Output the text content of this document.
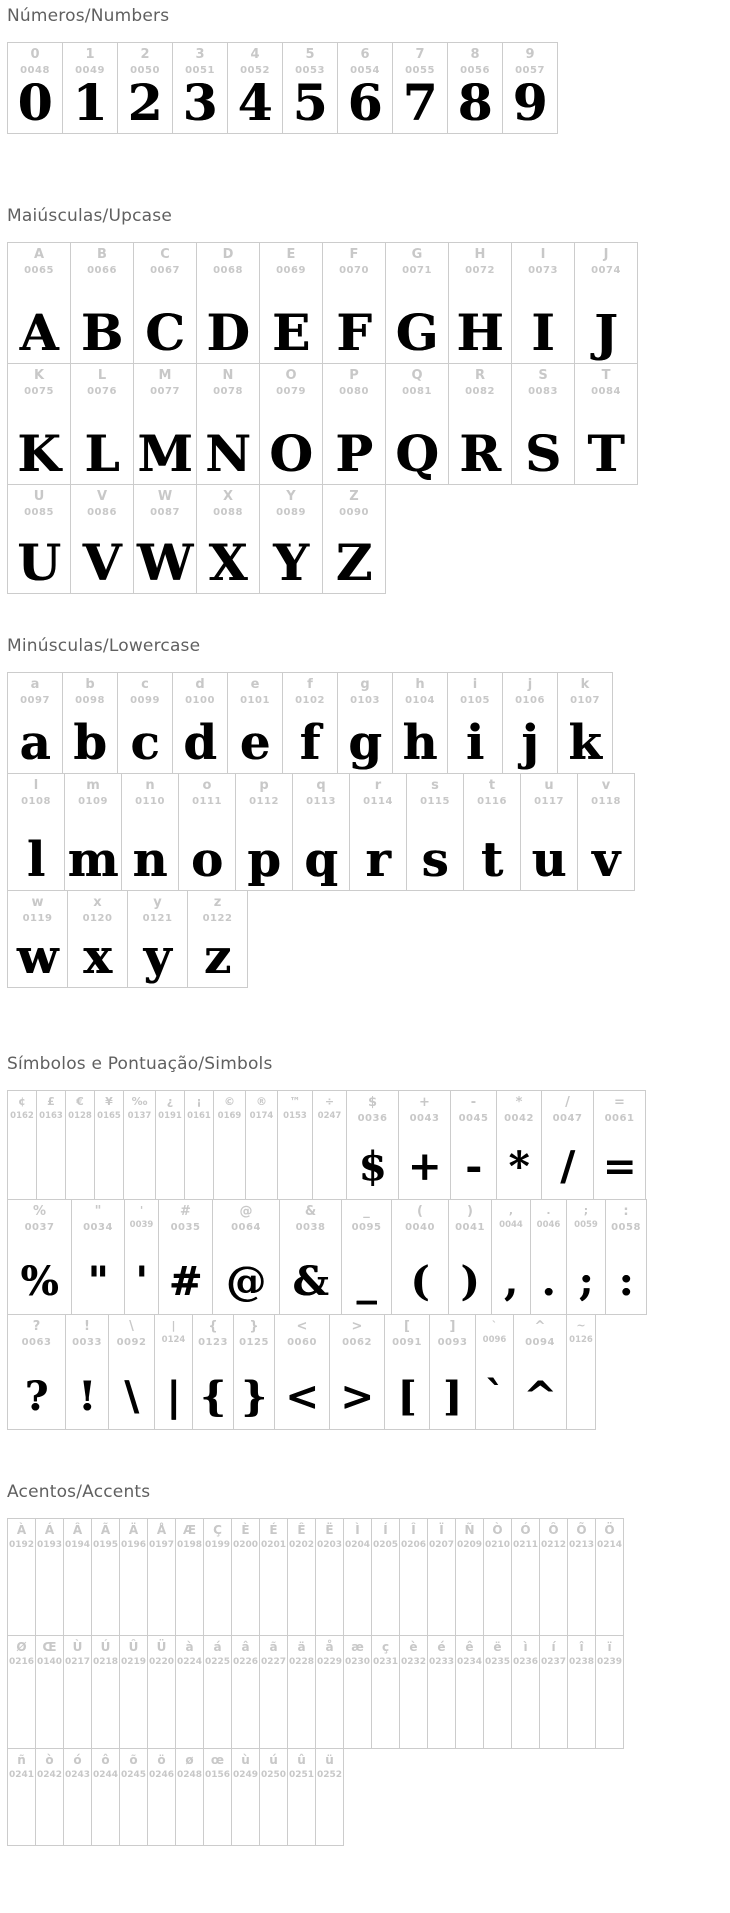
Números/Numbers
0
0048
0
1
0049
1
2
0050
2
3
0051
3
4
0052
4
5
0053
5
6
0054
6
7
0055
7
8
0056
8
9
0057
9
Maiúsculas/Upcase
A
0065
A
B
0066
B
C
0067
C
D
0068
D
E
0069
E
F
0070
F
G
0071
G
H
0072
H
I
0073
I
J
0074
J
K
0075
K
L
0076
L
M
0077
M
N
0078
N
O
0079
O
P
0080
P
Q
0081
Q
R
0082
R
S
0083
S
T
0084
T
U
0085
U
V
0086
V
W
0087
W
X
0088
X
Y
0089
Y
Z
0090
Z
Minúsculas/Lowercase
a
0097
a
b
0098
b
c
0099
c
d
0100
d
e
0101
e
f
0102
f
g
0103
g
h
0104
h
i
0105
i
j
0106
j
k
0107
k
l
0108
l
m
0109
m
n
0110
n
o
0111
o
p
0112
p
q
0113
q
r
0114
r
s
0115
s
t
0116
t
u
0117
u
v
0118
v
w
0119
w
x
0120
x
y
0121
y
z
0122
z
Símbolos e Pontuação/Simbols
¢
0162
£
0163
€
0128
¥
0165
‰
0137
¿
0191
¡
0161
©
0169
®
0174
™
0153
÷
0247
$
0036
$
+
0043
+
-
0045
-
*
0042
*
/
0047
/
=
0061
=
%
0037
%
"
0034
"
'
0039
'
#
0035
#
@
0064
@
&
0038
&
_
0095
_
(
0040
(
)
0041
)
,
0044
,
.
0046
.
;
0059
;
:
0058
:
?
0063
?
!
0033
!
\
0092
\
|
0124
|
{
0123
{
}
0125
}
<
0060
<
>
0062
>
[
0091
[
]
0093
]
`
0096
`
^
0094
^
~
0126
Acentos/Accents
À
0192
Á
0193
Â
0194
Ã
0195
Ä
0196
Å
0197
Æ
0198
Ç
0199
È
0200
É
0201
Ê
0202
Ë
0203
Ì
0204
Í
0205
Î
0206
Ï
0207
Ñ
0209
Ò
0210
Ó
0211
Ô
0212
Õ
0213
Ö
0214
Ø
0216
Œ
0140
Ù
0217
Ú
0218
Û
0219
Ü
0220
à
0224
á
0225
â
0226
ã
0227
ä
0228
å
0229
æ
0230
ç
0231
è
0232
é
0233
ê
0234
ë
0235
ì
0236
í
0237
î
0238
ï
0239
ñ
0241
ò
0242
ó
0243
ô
0244
õ
0245
ö
0246
ø
0248
œ
0156
ù
0249
ú
0250
û
0251
ü
0252
